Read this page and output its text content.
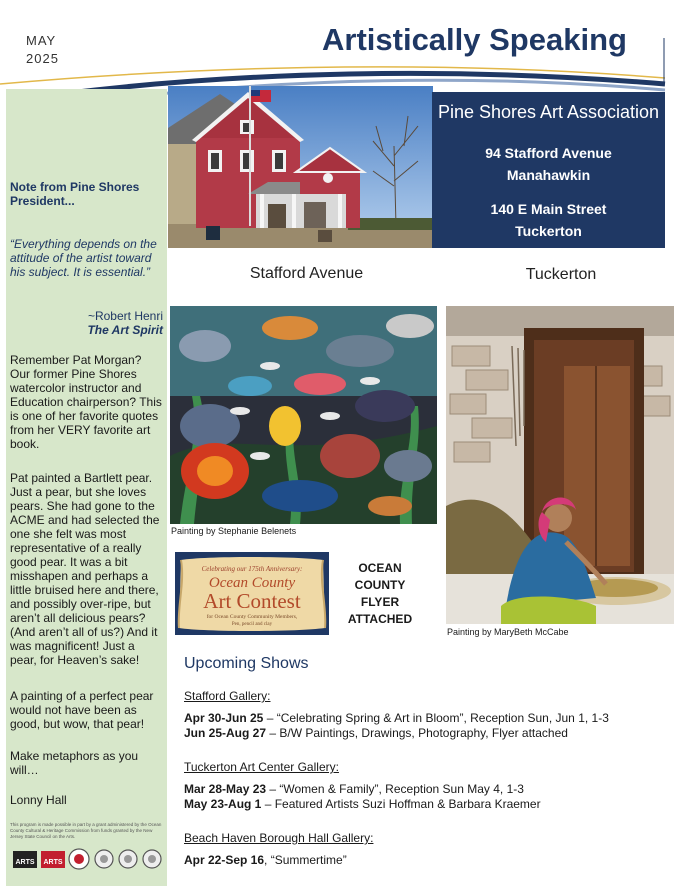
MAY
2025
Artistically Speaking
Note from Pine Shores President...
“Everything depends on the attitude of the artist toward his subject. It is essential.”
~Robert Henri
The Art Spirit
Remember Pat Morgan? Our former Pine Shores watercolor instructor and Education chairperson? This is one of her favorite quotes from her VERY favorite art book.
Pat painted a Bartlett pear. Just a pear, but she loves pears. She had gone to the ACME and had selected the one she felt was most representative of a really good pear. It was a bit misshapen and perhaps a little bruised here and there, and possibly over-ripe, but aren’t all delicious pears? (And aren’t all of us?) And it was magnificent! Just a pear, for Heaven’s sake!
A painting of a perfect pear would not have been as good, but wow, that pear!
Make metaphors as you will…
Lonny Hall
This program is made possible in part by a grant administered by the Ocean County Cultural & Heritage Commission from funds granted by the New Jersey State Council on the Arts.
ARTS ARTS
Pine Shores Art Association
94 Stafford Avenue
Manahawkin
140 E Main Street
Tuckerton
Stafford Avenue	Tuckerton
Painting by Stephanie Belenets
Painting by MaryBeth McCabe
Celebrating our 175th Anniversary:
Ocean County
Art Contest
for Ocean County Community Members,
Pen, pencil and clay
OCEAN
COUNTY
FLYER
ATTACHED
Upcoming Shows
Stafford Gallery:
Apr 30-Jun 25 – “Celebrating Spring & Art in Bloom”, Reception Sun, Jun 1, 1-3
Jun 25-Aug 27 – B/W Paintings, Drawings, Photography, Flyer attached
Tuckerton Art Center Gallery:
Mar 28-May 23 – “Women & Family”, Reception Sun May 4, 1-3
May 23-Aug 1 – Featured Artists Suzi Hoffman & Barbara Kraemer
Beach Haven Borough Hall Gallery:
Apr 22-Sep 16, “Summertime”
